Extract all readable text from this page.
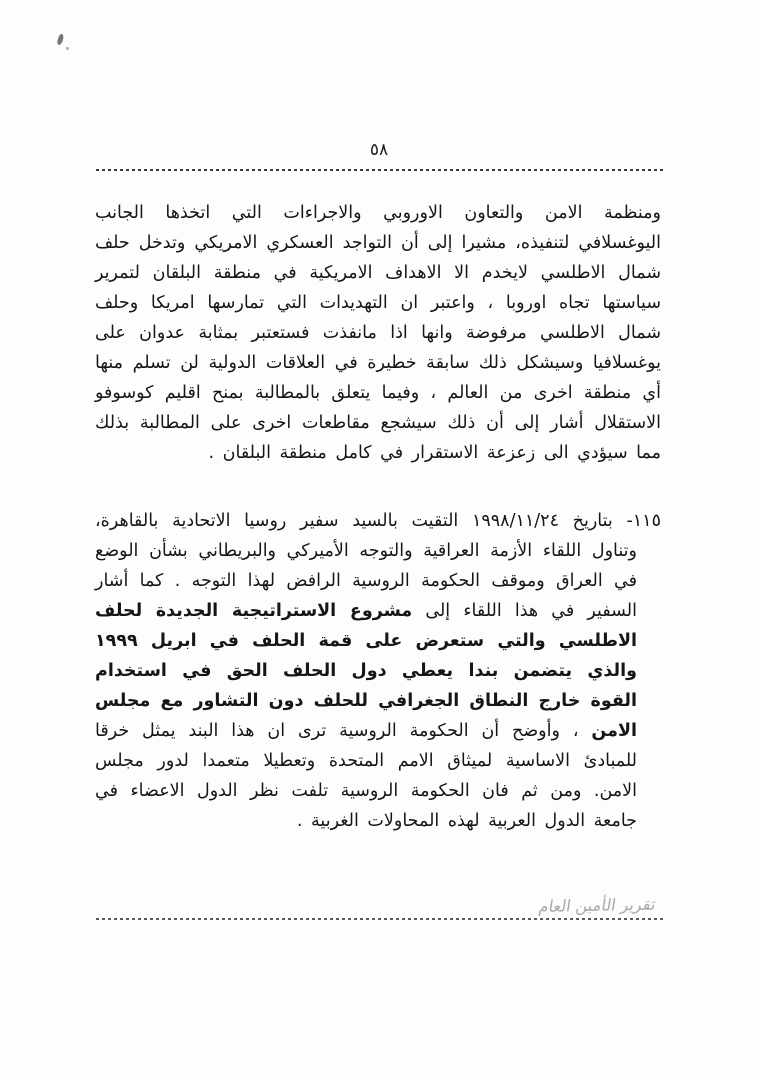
٥٨

ومنظمة الامن والتعاون الاوروبي والاجراءات التي اتخذها الجانب اليوغسلافي لتنفيذه، مشيرا إلى أن التواجد العسكري الامريكي وتدخل حلف شمال الاطلسي لايخدم الا الاهداف الامريكية في منطقة البلقان لتمرير سياستها تجاه اوروبا ، واعتبر ان التهديدات التي تمارسها امريكا وحلف شمال الاطلسي مرفوضة وانها اذا مانفذت فستعتبر بمثابة عدوان على يوغسلافيا وسيشكل ذلك سابقة خطيرة في العلاقات الدولية لن تسلم منها أي منطقة اخرى من العالم ، وفيما يتعلق بالمطالبة بمنح اقليم كوسوفو الاستقلال أشار إلى أن ذلك سيشجع مقاطعات اخرى على المطالبة بذلك مما سيؤدي الى زعزعة الاستقرار في كامل منطقة البلقان .

١١٥- بتاريخ ١٩٩٨/١١/٢٤ التقيت بالسيد سفير روسيا الاتحادية بالقاهرة، وتناول اللقاء الأزمة العراقية والتوجه الأميركي والبريطاني بشأن الوضع في العراق وموقف الحكومة الروسية الرافض لهذا التوجه . كما أشار السفير في هذا اللقاء إلى مشروع الاستراتيجية الجديدة لحلف الاطلسي والتي ستعرض على قمة الحلف في ابريل ١٩٩٩ والذي يتضمن بندا يعطي دول الحلف الحق في استخدام القوة خارج النطاق الجغرافي للحلف دون التشاور مع مجلس الامن ، وأوضح أن الحكومة الروسية ترى ان هذا البند يمثل خرقا للمبادئ الاساسية لميثاق الامم المتحدة وتعطيلا متعمدا لدور مجلس الامن. ومن ثم فان الحكومة الروسية تلفت نظر الدول الاعضاء في جامعة الدول العربية لهذه المحاولات الغربية .

تقرير الأمين العام
